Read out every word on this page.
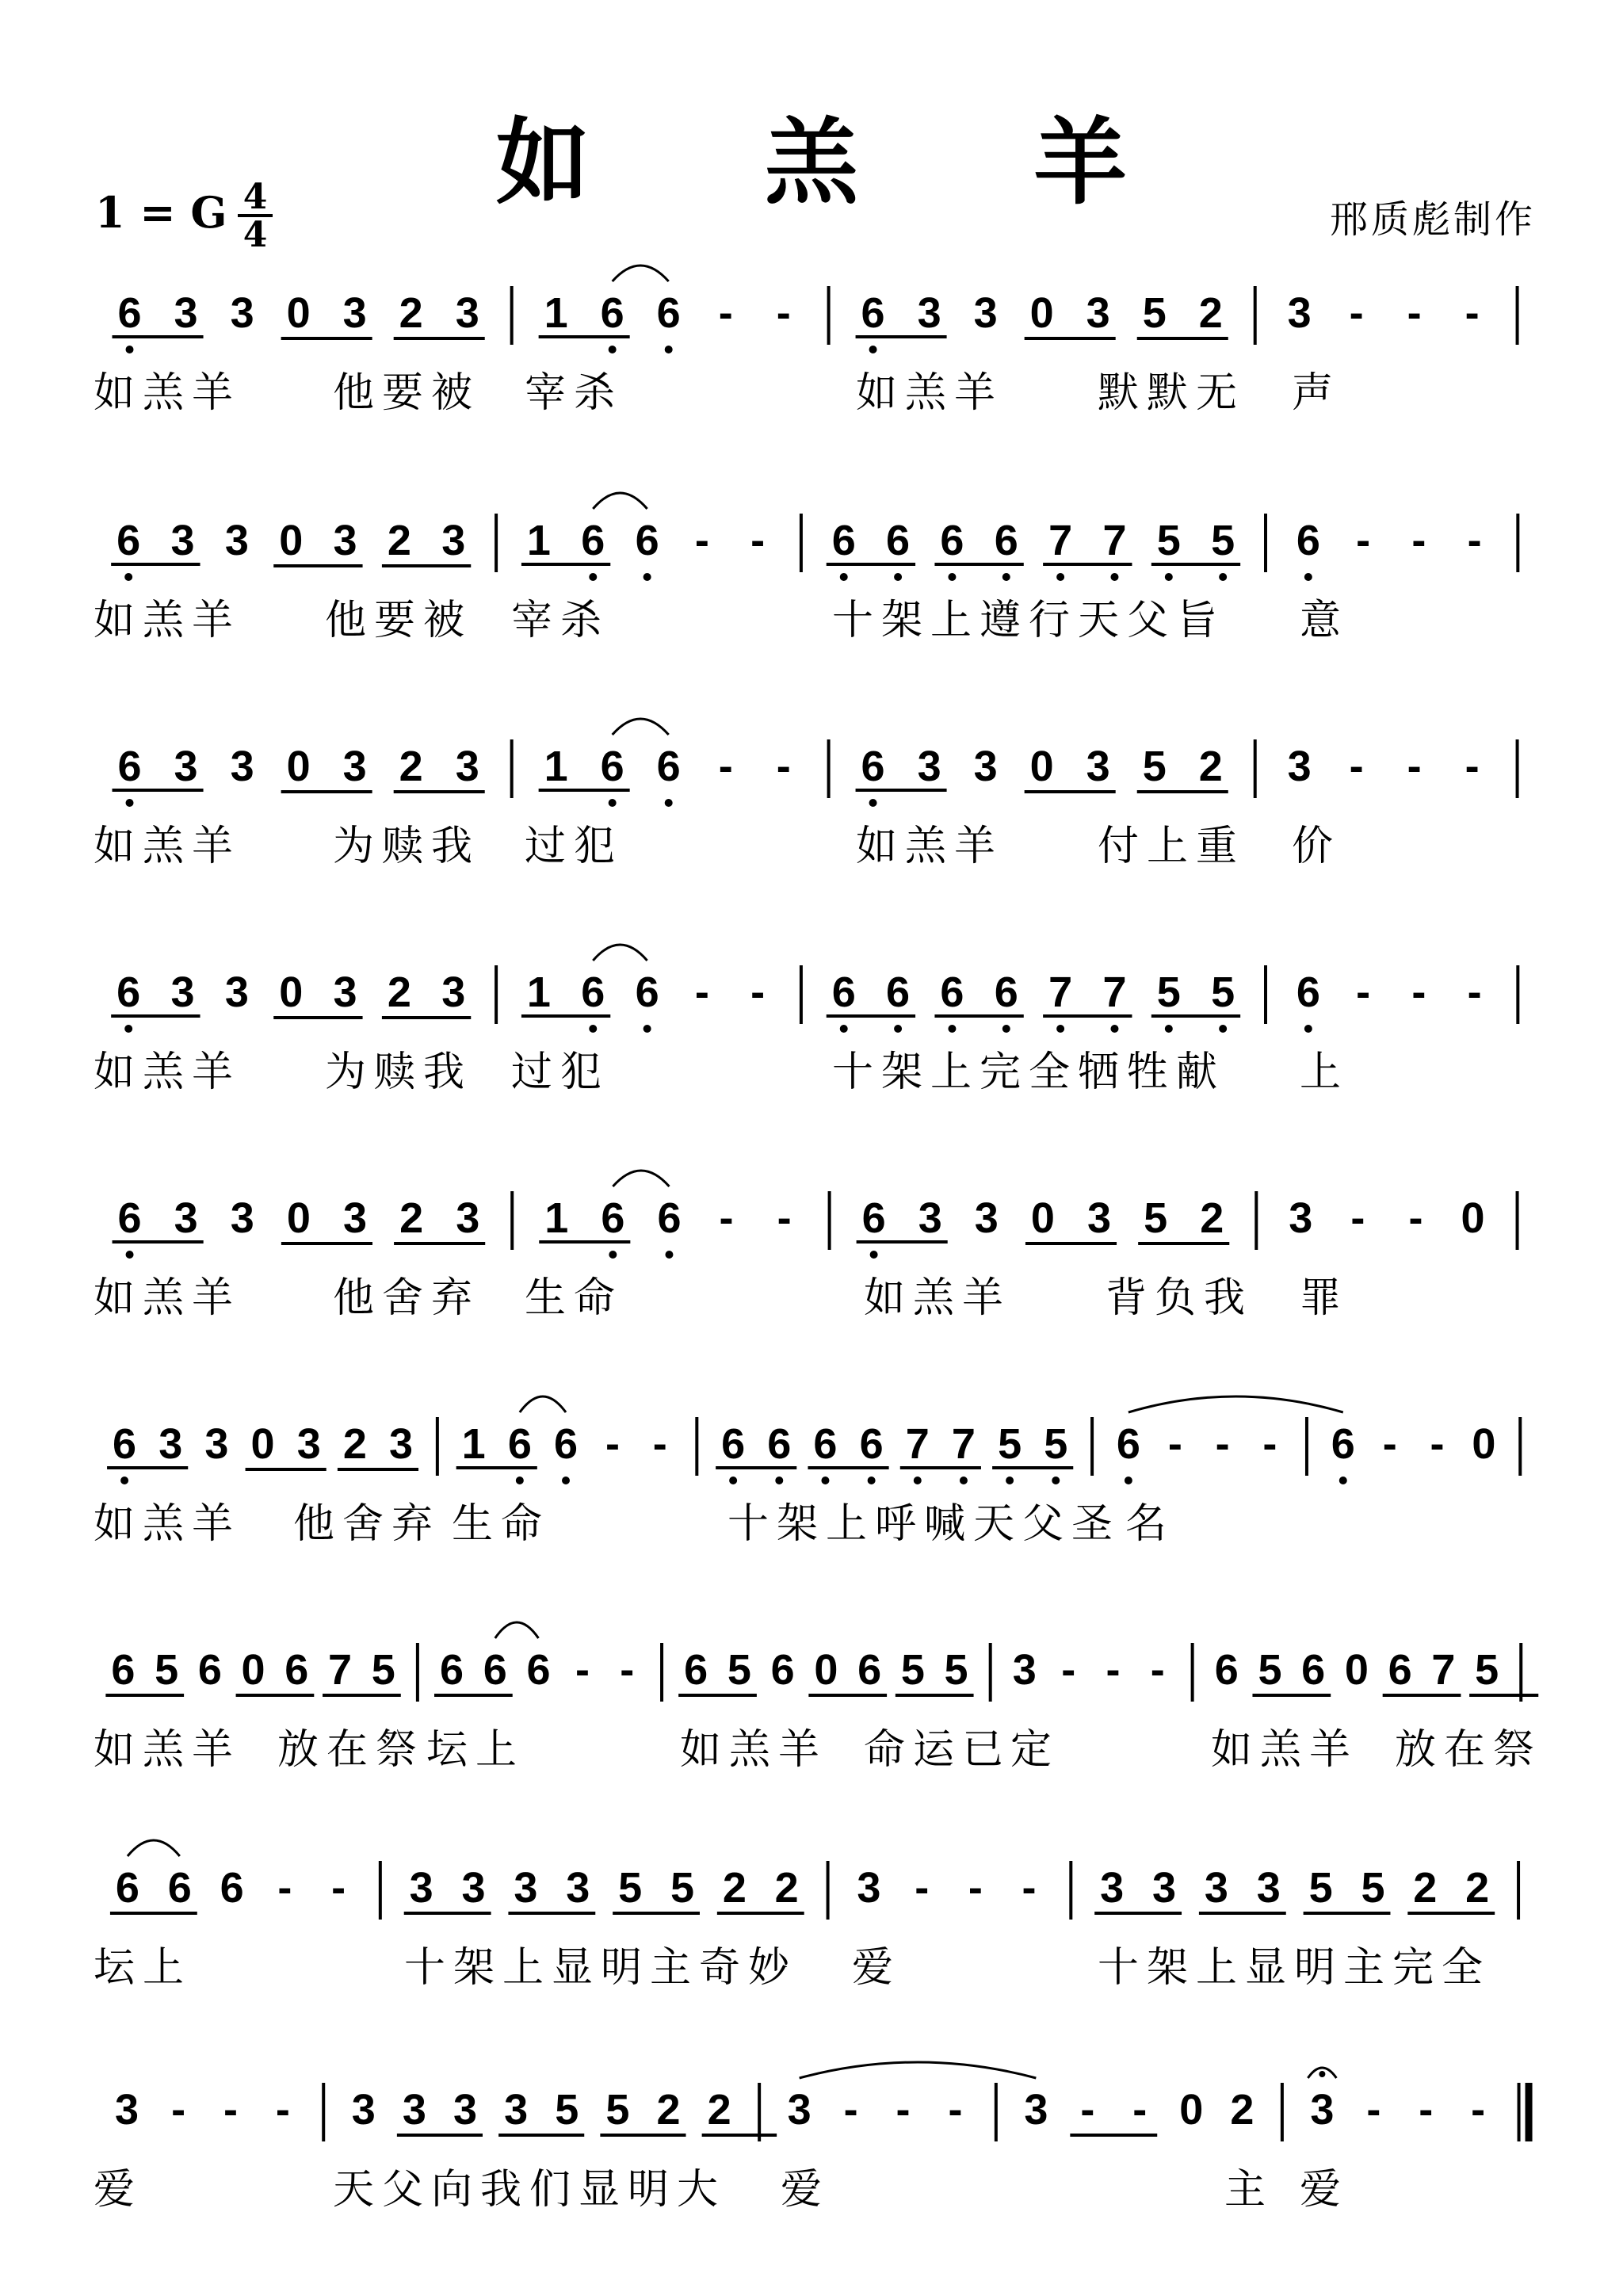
如 羔 羊
1 = G	邢质彪制作
4
4
6 3 3 0 3 2 3 1 6 6 - - 6 3 3 0 3 5 2 3 - - -
如羔羊 他要被 宰杀	如羔羊 默默无 声
6 3 3 0 3 2 3 1 6 6 - - 6 6 6 6 7 7 5 5 6 - - -
如羔羊 他要被 宰杀	十架上遵行天父旨 意
6 3 3 0 3 2 3 1 6 6 - - 6 3 3 0 3 5 2 3 - - -
如羔羊 为赎我 过犯	如羔羊 付上重 价
6 3 3 0 3 2 3 1 6 6 - - 6 6 6 6 7 7 5 5 6 - - -
如羔羊 为赎我 过犯	十架上完全牺牲献 上
6 3 3 0 3 2 3 1 6 6 - - 6 3 3 0 3 5 2 3 - - 0
如羔羊 他舍弃 生命	如羔羊 背负我 罪
6 3 3 0 3 2 3 1 6 6 - - 6 6 6 6 7 7 5 5 6 - - - 6 - - 0
如羔羊 他舍弃 生命	十架上呼喊天父圣 名
6 5 6 0 6 7 5 6 6 6 - - 6 5 6 0 6 5 5 3 - - - 6 5 6 0 6 7 5
如羔羊 放在祭 坛上	如羔羊 命运已
定	如羔羊 放在祭
6 6 6 - - 3 3 3 3 5 5 2 2 3 - - - 3 3 3 3 5 5 2 2
坛上	十架上显明主奇妙 爱	十架上显明主完全
3 - - - 3 3 3 3 5 5 2 2 3 - - - 3 - - 0 2 3 - - -
爱	天父向我们显明大 爱	主 爱
